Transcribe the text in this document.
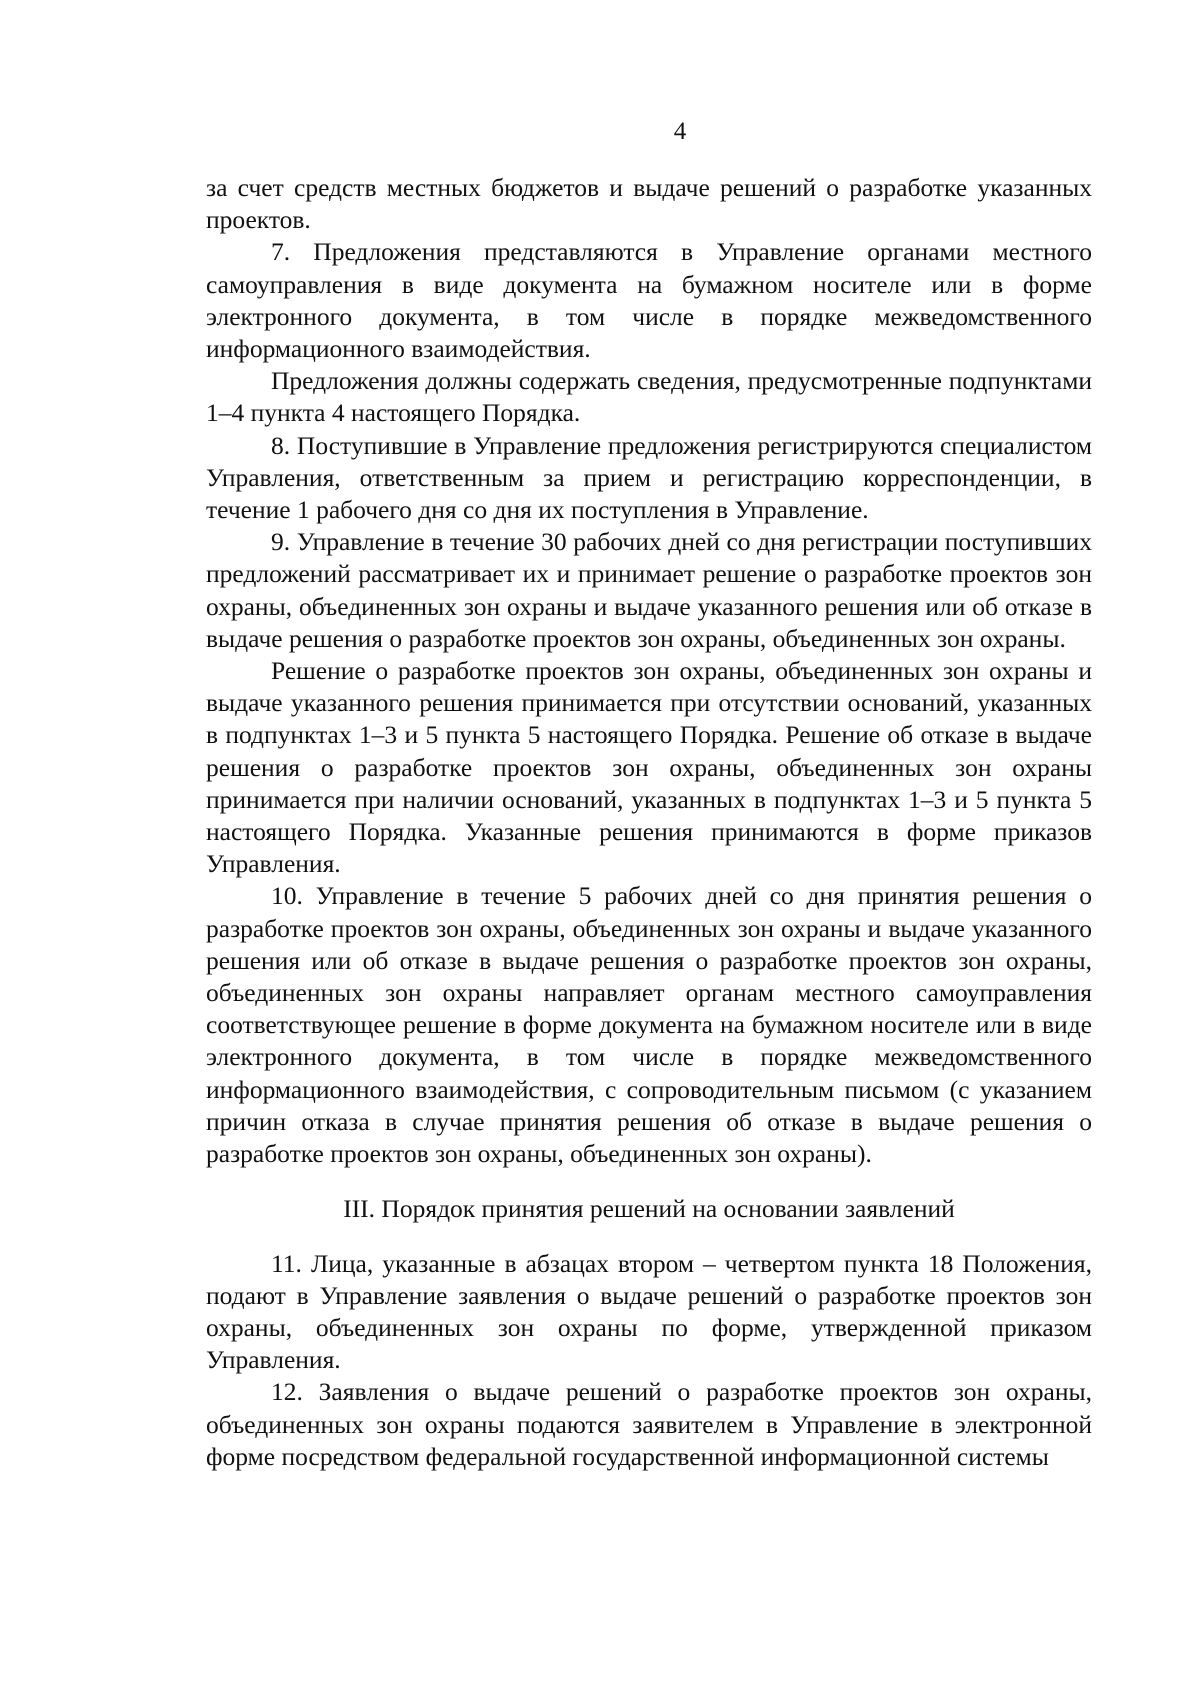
4

за счет средств местных бюджетов и выдаче решений о разработке указанных проектов.

7. Предложения представляются в Управление органами местного самоуправления в виде документа на бумажном носителе или в форме электронного документа, в том числе в порядке межведомственного информационного взаимодействия.

Предложения должны содержать сведения, предусмотренные подпунктами 1–4 пункта 4 настоящего Порядка.

8. Поступившие в Управление предложения регистрируются специалистом Управления, ответственным за прием и регистрацию корреспонденции, в течение 1 рабочего дня со дня их поступления в Управление.

9. Управление в течение 30 рабочих дней со дня регистрации поступивших предложений рассматривает их и принимает решение о разработке проектов зон охраны, объединенных зон охраны и выдаче указанного решения или об отказе в выдаче решения о разработке проектов зон охраны, объединенных зон охраны.

Решение о разработке проектов зон охраны, объединенных зон охраны и выдаче указанного решения принимается при отсутствии оснований, указанных в подпунктах 1–3 и 5 пункта 5 настоящего Порядка. Решение об отказе в выдаче решения о разработке проектов зон охраны, объединенных зон охраны принимается при наличии оснований, указанных в подпунктах 1–3 и 5 пункта 5 настоящего Порядка. Указанные решения принимаются в форме приказов Управления.

10. Управление в течение 5 рабочих дней со дня принятия решения о разработке проектов зон охраны, объединенных зон охраны и выдаче указанного решения или об отказе в выдаче решения о разработке проектов зон охраны, объединенных зон охраны направляет органам местного самоуправления соответствующее решение в форме документа на бумажном носителе или в виде электронного документа, в том числе в порядке межведомственного информационного взаимодействия, с сопроводительным письмом (с указанием причин отказа в случае принятия решения об отказе в выдаче решения о разработке проектов зон охраны, объединенных зон охраны).

III. Порядок принятия решений на основании заявлений

11. Лица, указанные в абзацах втором – четвертом пункта 18 Положения, подают в Управление заявления о выдаче решений о разработке проектов зон охраны, объединенных зон охраны по форме, утвержденной приказом Управления.

12. Заявления о выдаче решений о разработке проектов зон охраны, объединенных зон охраны подаются заявителем в Управление в электронной форме посредством федеральной государственной информационной системы
